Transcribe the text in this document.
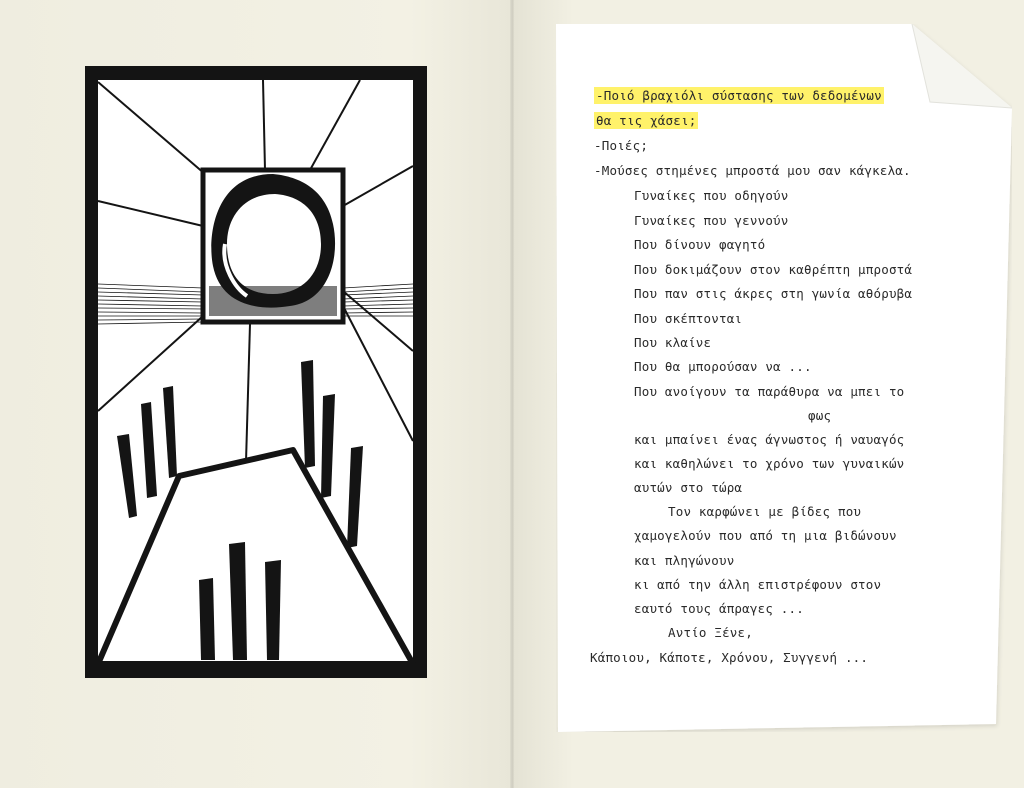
-Ποιό βραχιόλι σύστασης των δεδομένων
θα τις χάσει;
-Ποιές;
-Μούσες στημένες μπροστά μου σαν κάγκελα.
Γυναίκες που οδηγούν
Γυναίκες που γεννούν
Που δίνουν φαγητό
Που δοκιμάζουν στον καθρέπτη μπροστά
Που παν στις άκρες στη γωνία αθόρυβα
Που σκέπτονται
Που κλαίνε
Που θα μπορούσαν να ...
Που ανοίγουν τα παράθυρα να μπει το
φως
και μπαίνει ένας άγνωστος ή ναυαγός
και καθηλώνει το χρόνο των γυναικών
αυτών στο τώρα
Τον καρφώνει με βίδες που
χαμογελούν που από τη μια βιδώνουν
και πληγώνουν
κι από την άλλη επιστρέφουν στον
εαυτό τους άπραγες ...
Αντίο Ξένε,
Κάποιου, Κάποτε, Χρόνου, Συγγενή ...
